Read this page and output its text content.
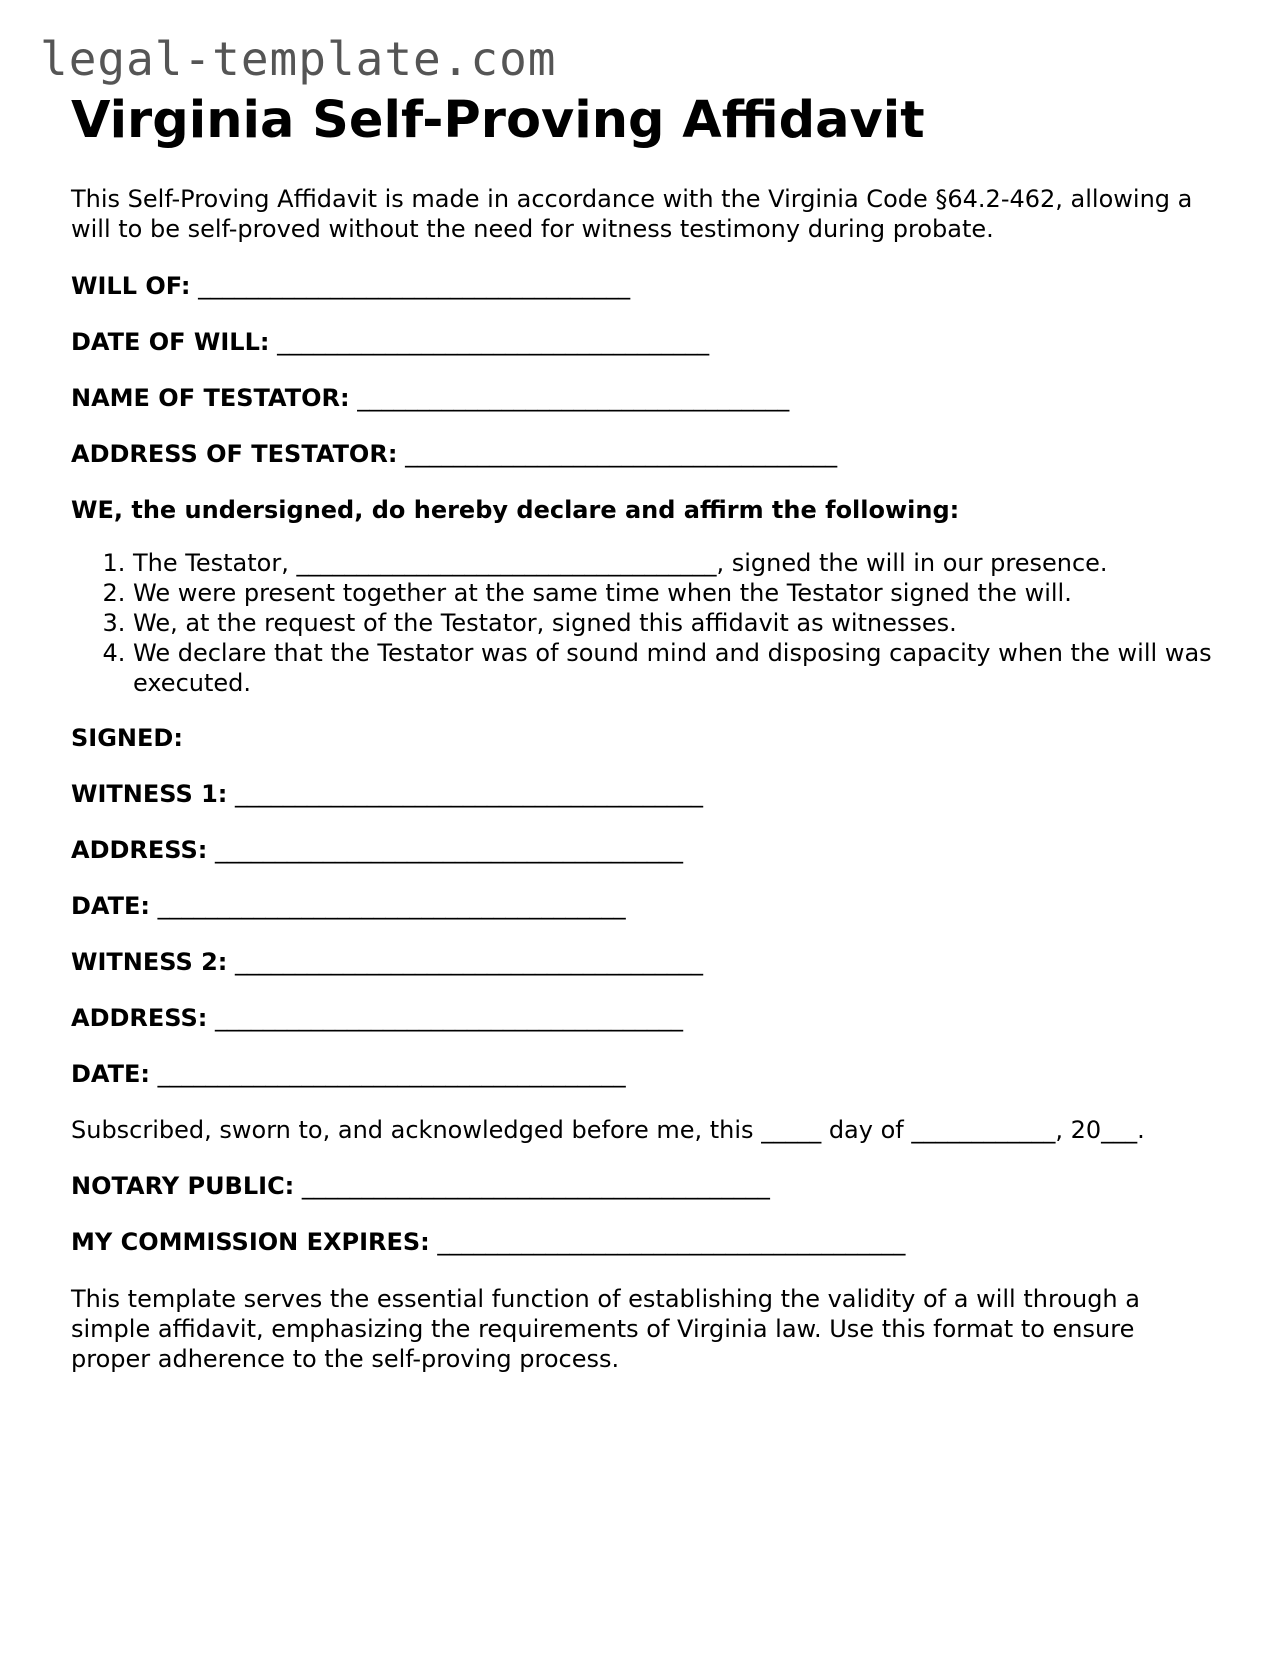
legal-template.com
Virginia Self-Proving Affidavit

This Self-Proving Affidavit is made in accordance with the Virginia Code §64.2-462, allowing a will to be self-proved without the need for witness testimony during probate.

WILL OF: ____________________________________

DATE OF WILL: ____________________________________

NAME OF TESTATOR: ____________________________________

ADDRESS OF TESTATOR: ____________________________________

WE, the undersigned, do hereby declare and affirm the following:

1. The Testator, ___________________________________, signed the will in our presence.
2. We were present together at the same time when the Testator signed the will.
3. We, at the request of the Testator, signed this affidavit as witnesses.
4. We declare that the Testator was of sound mind and disposing capacity when the will was executed.

SIGNED:

WITNESS 1: _______________________________________

ADDRESS: _______________________________________

DATE: _______________________________________

WITNESS 2: _______________________________________

ADDRESS: _______________________________________

DATE: _______________________________________

Subscribed, sworn to, and acknowledged before me, this _____ day of ____________, 20___.

NOTARY PUBLIC: _______________________________________

MY COMMISSION EXPIRES: _______________________________________

This template serves the essential function of establishing the validity of a will through a simple affidavit, emphasizing the requirements of Virginia law. Use this format to ensure proper adherence to the self-proving process.
